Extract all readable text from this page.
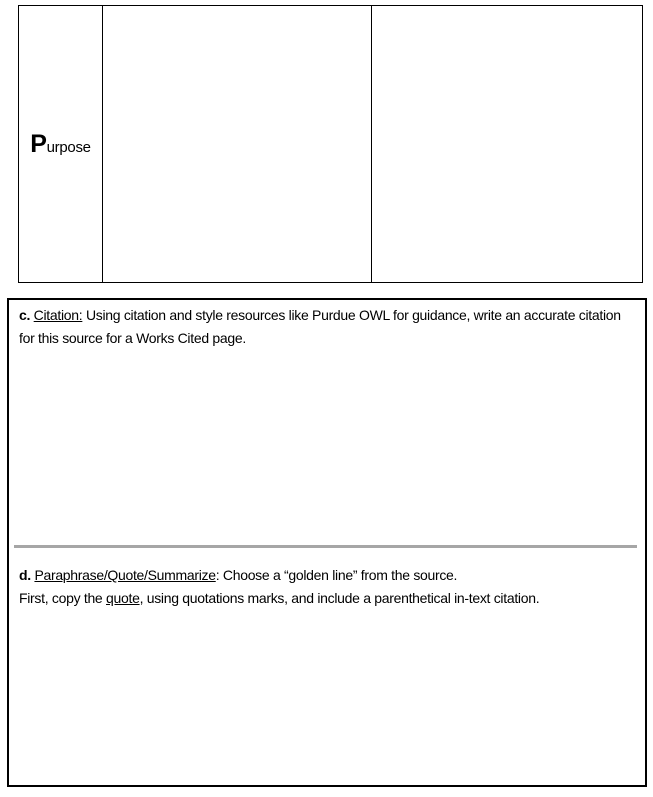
Purpose

c. Citation: Using citation and style resources like Purdue OWL for guidance, write an accurate citation for this source for a Works Cited page.

d. Paraphrase/Quote/Summarize: Choose a “golden line” from the source.

First, copy the quote, using quotations marks, and include a parenthetical in-text citation.
